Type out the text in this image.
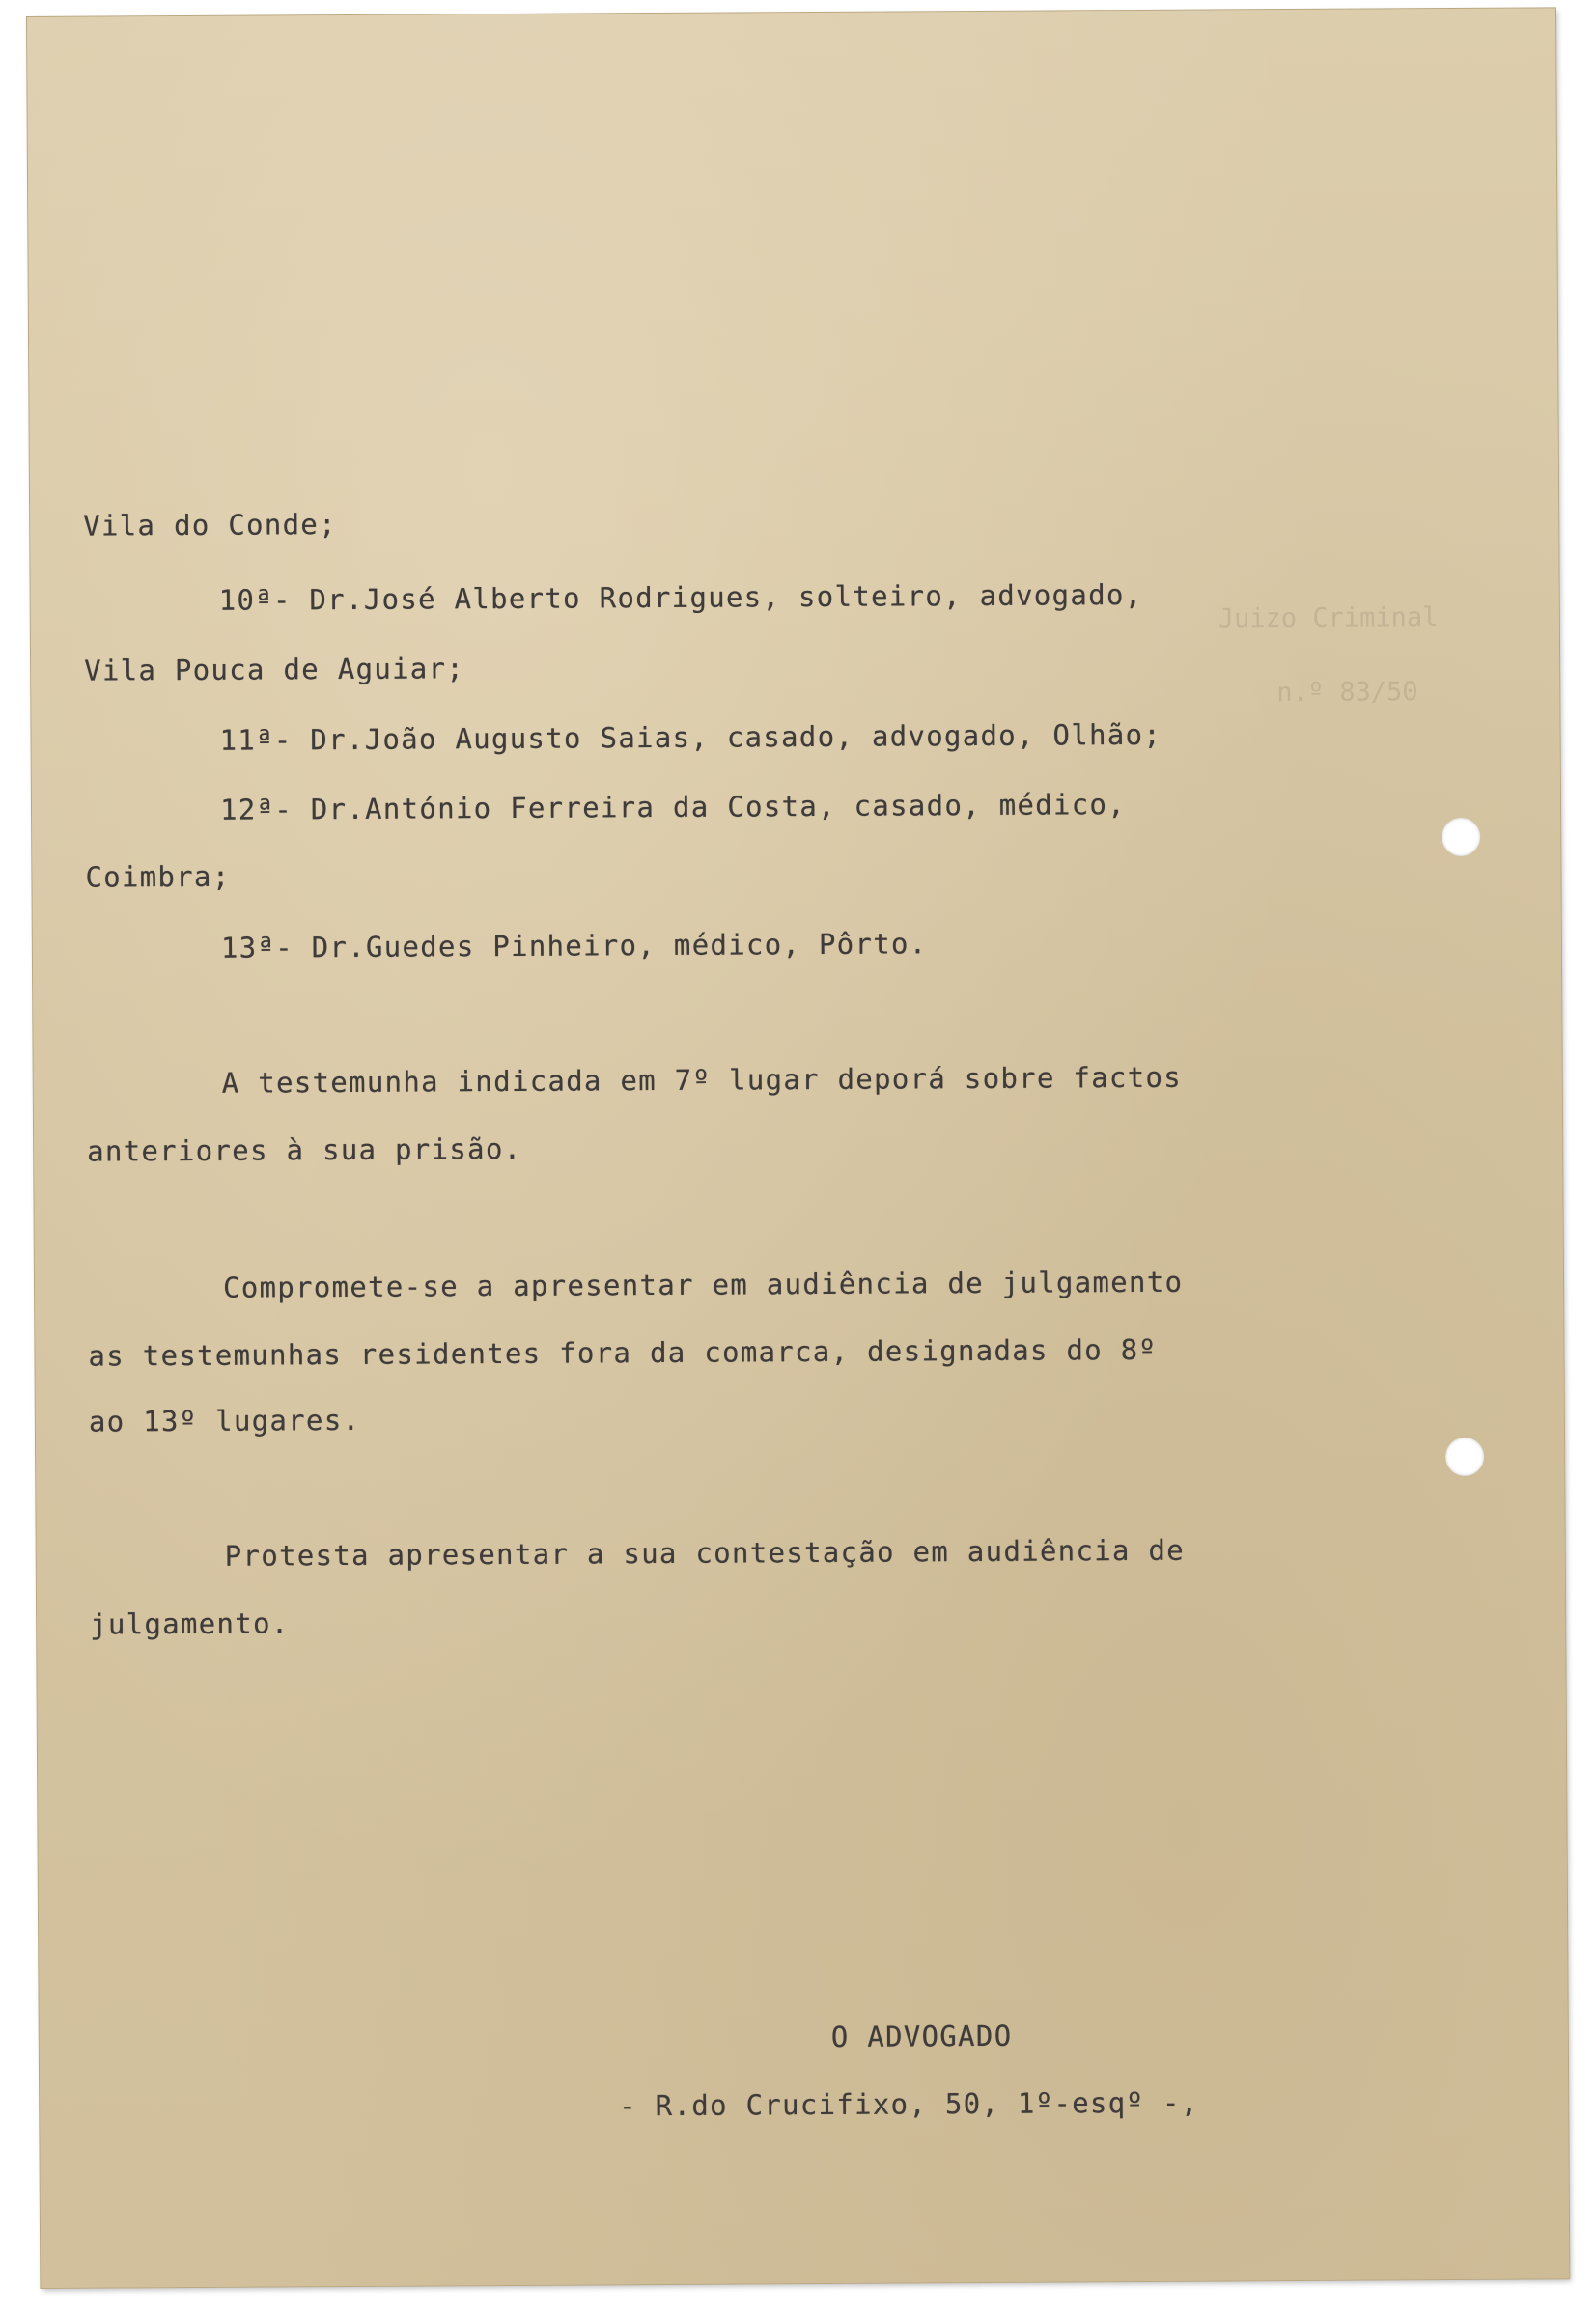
Juizo Criminal
n.º 83/50
Vila do Conde;
10ª- Dr.José Alberto Rodrigues, solteiro, advogado,
Vila Pouca de Aguiar;
11ª- Dr.João Augusto Saias, casado, advogado, Olhão;
12ª- Dr.António Ferreira da Costa, casado, médico,
Coimbra;
13ª- Dr.Guedes Pinheiro, médico, Pôrto.
A testemunha indicada em 7º lugar deporá sobre factos
anteriores à sua prisão.
Compromete-se a apresentar em audiência de julgamento
as testemunhas residentes fora da comarca, designadas do 8º
ao 13º lugares.
Protesta apresentar a sua contestação em audiência de
julgamento.
O ADVOGADO
- R.do Crucifixo, 50, 1º-esqº -,
